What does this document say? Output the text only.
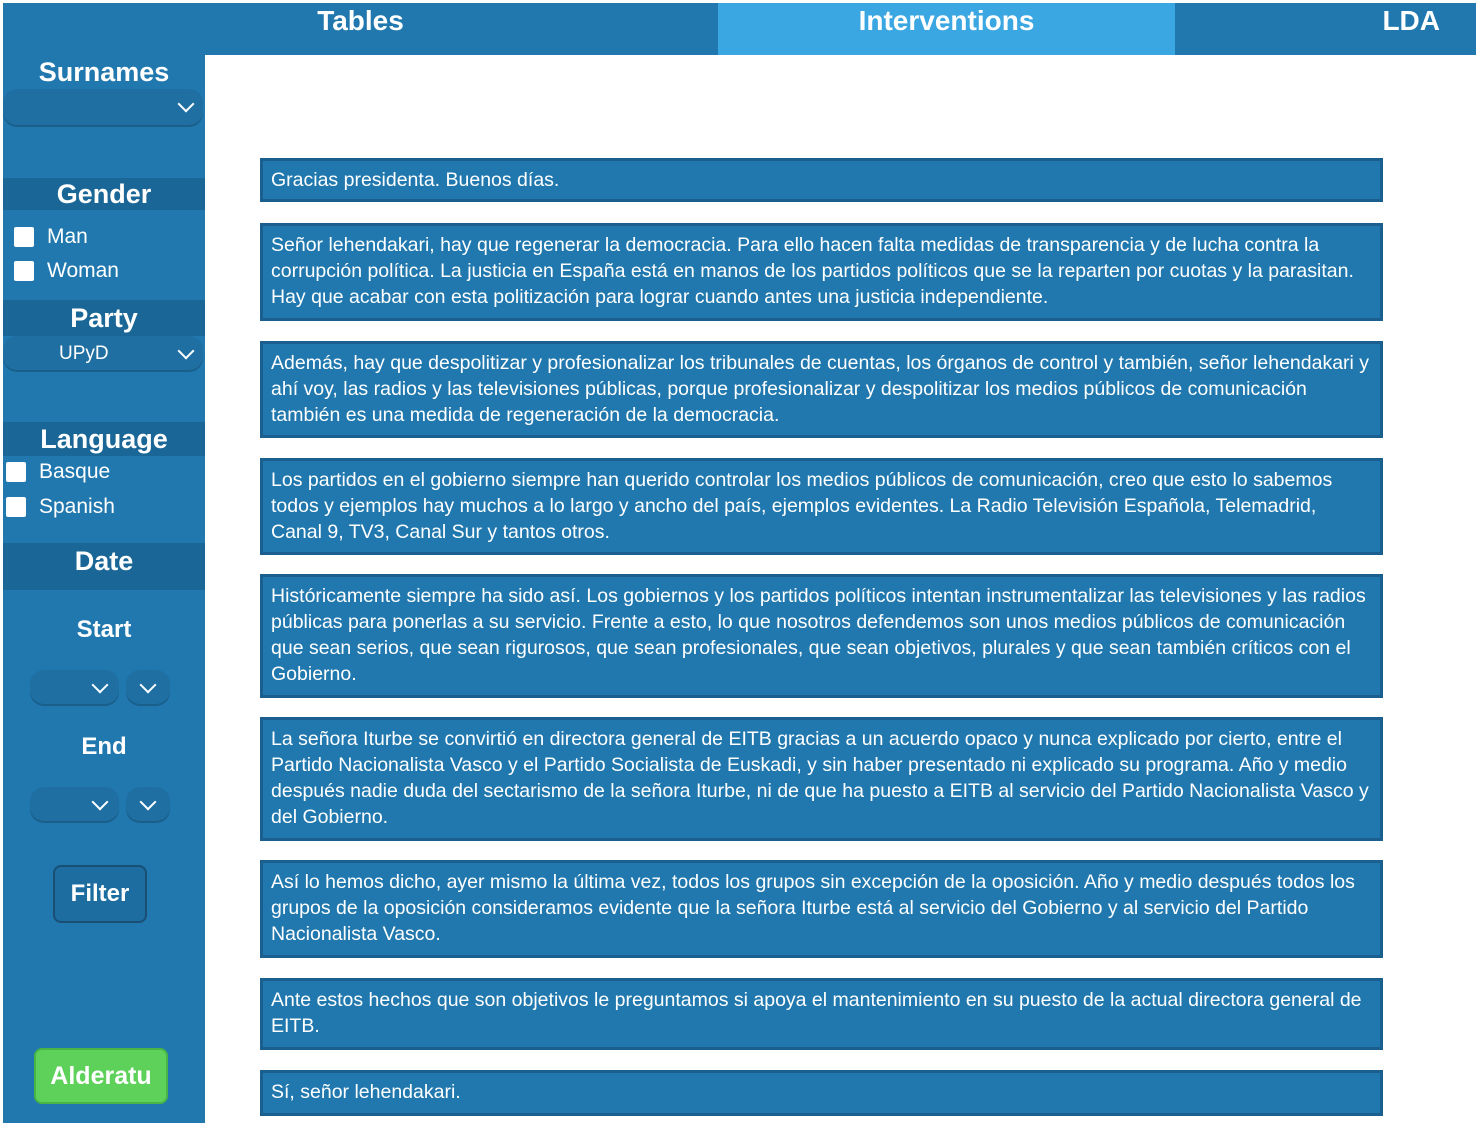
Tables	Interventions	LDA
Surnames
Gender
Man
Woman
Party
UPyD
Language
Basque
Spanish
Date
Start
End
Filter
Alderatu
Gracias presidenta. Buenos días.
Señor lehendakari, hay que regenerar la democracia. Para ello hacen falta medidas de transparencia y de lucha contra la corrupción política. La justicia en España está en manos de los partidos políticos que se la reparten por cuotas y la parasitan. Hay que acabar con esta politización para lograr cuando antes una justicia independiente.
Además, hay que despolitizar y profesionalizar los tribunales de cuentas, los órganos de control y también, señor lehendakari y ahí voy, las radios y las televisiones públicas, porque profesionalizar y despolitizar los medios públicos de comunicación también es una medida de regeneración de la democracia.
Los partidos en el gobierno siempre han querido controlar los medios públicos de comunicación, creo que esto lo sabemos todos y ejemplos hay muchos a lo largo y ancho del país, ejemplos evidentes. La Radio Televisión Española, Telemadrid, Canal 9, TV3, Canal Sur y tantos otros.
Históricamente siempre ha sido así. Los gobiernos y los partidos políticos intentan instrumentalizar las televisiones y las radios públicas para ponerlas a su servicio. Frente a esto, lo que nosotros defendemos son unos medios públicos de comunicación que sean serios, que sean rigurosos, que sean profesionales, que sean objetivos, plurales y que sean también críticos con el Gobierno.
La señora Iturbe se convirtió en directora general de EITB gracias a un acuerdo opaco y nunca explicado por cierto, entre el Partido Nacionalista Vasco y el Partido Socialista de Euskadi, y sin haber presentado ni explicado su programa. Año y medio después nadie duda del sectarismo de la señora Iturbe, ni de que ha puesto a EITB al servicio del Partido Nacionalista Vasco y del Gobierno.
Así lo hemos dicho, ayer mismo la última vez, todos los grupos sin excepción de la oposición. Año y medio después todos los grupos de la oposición consideramos evidente que la señora Iturbe está al servicio del Gobierno y al servicio del Partido Nacionalista Vasco.
Ante estos hechos que son objetivos le preguntamos si apoya el mantenimiento en su puesto de la actual directora general de EITB.
Sí, señor lehendakari.
